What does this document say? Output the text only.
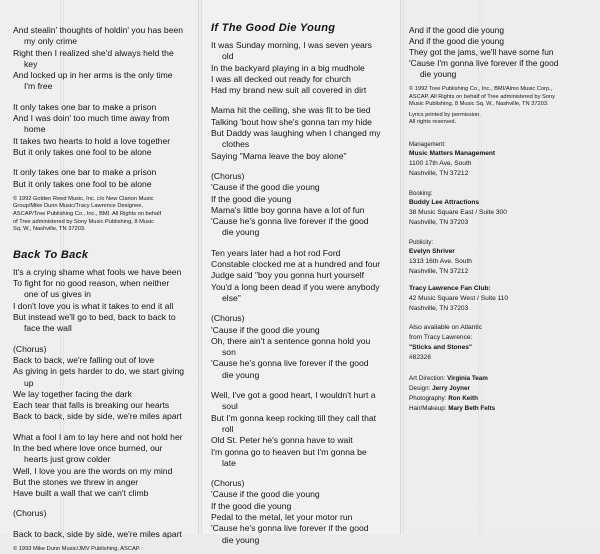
And stealin' thoughts of holdin' you has been
my only crime
Right then I realized she'd always held the
key
And locked up in her arms is the only time
I'm free
It only takes one bar to make a prison
And I was doin' too much time away from
home
It takes two hearts to hold a love together
But it only takes one fool to be alone
It only takes one bar to make a prison
But it only takes one fool to be alone
© 1992 Golden Reed Music, Inc. c/o New Clarion Music
Group/Mike Dunn Music/Tracy Lawrence Designee,
ASCAP/Tree Publishing Co., Inc., BMI. All Rights on behalf
of Tree administered by Sony Music Publishing, 8 Music
Sq. W., Nashville, TN 37203.
Back To Back
It's a crying shame what fools we have been
To fight for no good reason, when neither
one of us gives in
I don't love you is what it takes to end it all
But instead we'll go to bed, back to back to
face the wall
(Chorus)
Back to back, we're falling out of love
As giving in gets harder to do, we start giving
up
We lay together facing the dark
Each tear that falls is breaking our hearts
Back to back, side by side, we're miles apart
What a fool I am to lay here and not hold her
In the bed where love once burned, our
hearts just grow colder
Well, I love you are the words on my mind
But the stones we threw in anger
Have built a wall that we can't climb
(Chorus)
Back to back, side by side, we're miles apart
© 1993 Mike Dunn Music/JMV Publishing, ASCAP.
If The Good Die Young
It was Sunday morning, I was seven years
old
In the backyard playing in a big mudhole
I was all decked out ready for church
Had my brand new suit all covered in dirt
Mama hit the ceiling, she was fit to be tied
Talking 'bout how she's gonna tan my hide
But Daddy was laughing when I changed my
clothes
Saying "Mama leave the boy alone"
(Chorus)
'Cause if the good die young
If the good die young
Mama's little boy gonna have a lot of fun
'Cause he's gonna live forever if the good
die young
Ten years later had a hot rod Ford
Constable clocked me at a hundred and four
Judge said "boy you gonna hurt yourself
You'd a long been dead if you were anybody
else"
(Chorus)
'Cause if the good die young
Oh, there ain't a sentence gonna hold you
son
'Cause he's gonna live forever if the good
die young
Well, I've got a good heart, I wouldn't hurt a
soul
But I'm gonna keep rocking till they call that
roll
Old St. Peter he's gonna have to wait
I'm gonna go to heaven but I'm gonna be
late
(Chorus)
'Cause if the good die young
If the good die young
Pedal to the metal, let your motor run
'Cause he's gonna live forever if the good
die young
And if the good die young
And if the good die young
They got the jams, we'll have some fun
'Cause I'm gonna live forever if the good
die young
© 1992 Tree Publishing Co., Inc., BMI/Almo Music Corp.,
ASCAP. All Rights on behalf of Tree administered by Sony
Music Publishing, 8 Music Sq. W., Nashville, TN 37203.
Lyrics printed by permission.
All rights reserved.
Management:
Music Matters Management
1100 17th Ave. South
Nashville, TN 37212
Booking:
Buddy Lee Attractions
38 Music Square East / Suite 300
Nashville, TN 37203
Publicity:
Evelyn Shriver
1313 16th Ave. South
Nashville, TN 37212
Tracy Lawrence Fan Club:
42 Music Square West / Suite 110
Nashville, TN 37203
Also available on Atlantic
from Tracy Lawrence:
"Sticks and Stones"
#82326
Art Direction: Virginia Team
Design: Jerry Joyner
Photography: Ron Keith
Hair/Makeup: Mary Beth Felts
